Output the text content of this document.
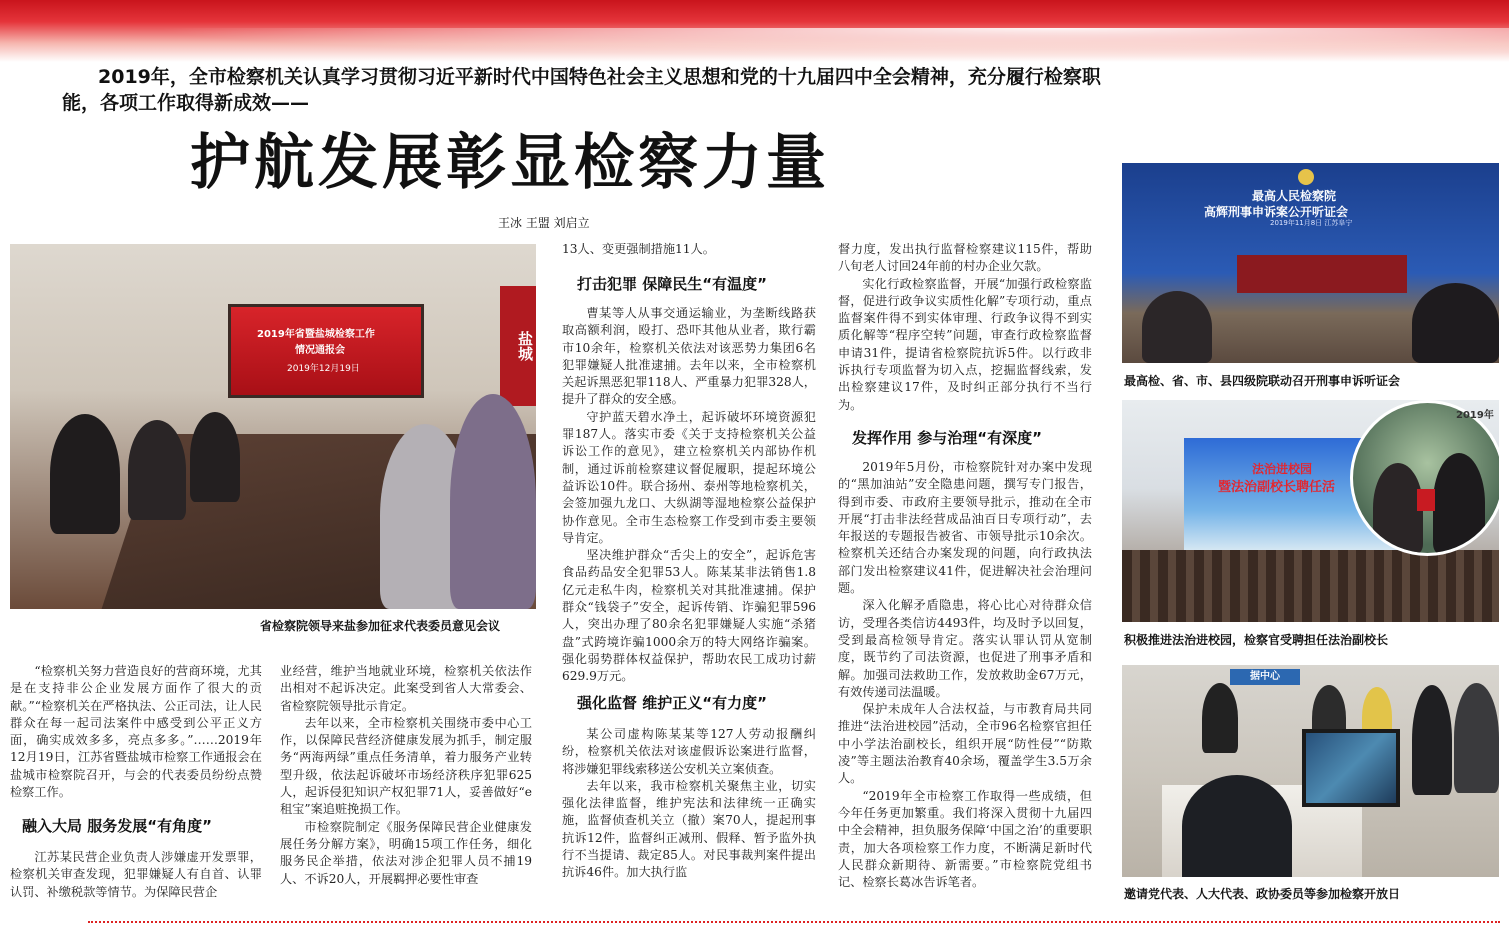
2019年，全市检察机关认真学习贯彻习近平新时代中国特色社会主义思想和党的十九届四中全会精神，充分履行检察职能，各项工作取得新成效——
护航发展彰显检察力量
王冰 王盟 刘启立
2019年省暨盐城检察工作
情况通报会
2019年12月19日
盐城
省检察院领导来盐参加征求代表委员意见会议
最高人民检察院
高辉刑事申诉案公开听证会
2019年11月8日 江苏阜宁
最高检、省、市、县四级院联动召开刑事申诉听证会
法治进校园
暨法治副校长聘任活
2019年
积极推进法治进校园，检察官受聘担任法治副校长
据中心
邀请党代表、人大代表、政协委员等参加检察开放日

“检察机关努力营造良好的营商环境，尤其是在支持非公企业发展方面作了很大的贡献。”“检察机关在严格执法、公正司法，让人民群众在每一起司法案件中感受到公平正义方面，确实成效多多，亮点多多。”……2019年12月19日，江苏省暨盐城市检察工作通报会在盐城市检察院召开，与会的代表委员纷纷点赞检察工作。

融入大局 服务发展“有角度”

江苏某民营企业负责人涉嫌虚开发票罪，检察机关审查发现，犯罪嫌疑人有自首、认罪认罚、补缴税款等情节。为保障民营企

业经营，维护当地就业环境，检察机关依法作出相对不起诉决定。此案受到省人大常委会、省检察院领导批示肯定。

去年以来，全市检察机关围绕市委中心工作，以保障民营经济健康发展为抓手，制定服务“两海两绿”重点任务清单，着力服务产业转型升级，依法起诉破坏市场经济秩序犯罪625人，起诉侵犯知识产权犯罪71人，妥善做好“e租宝”案追赃挽损工作。

市检察院制定《服务保障民营企业健康发展任务分解方案》，明确15项工作任务，细化服务民企举措，依法对涉企犯罪人员不捕19人、不诉20人，开展羁押必要性审查

13人、变更强制措施11人。

打击犯罪 保障民生“有温度”

曹某等人从事交通运输业，为垄断线路获取高额利润，殴打、恐吓其他从业者，欺行霸市10余年，检察机关依法对该恶势力集团6名犯罪嫌疑人批准逮捕。去年以来，全市检察机关起诉黑恶犯罪118人、严重暴力犯罪328人，提升了群众的安全感。

守护蓝天碧水净土，起诉破坏环境资源犯罪187人。落实市委《关于支持检察机关公益诉讼工作的意见》，建立检察机关内部协作机制，通过诉前检察建议督促履职，提起环境公益诉讼10件。联合扬州、泰州等地检察机关，会签加强九龙口、大纵湖等湿地检察公益保护协作意见。全市生态检察工作受到市委主要领导肯定。

坚决维护群众“舌尖上的安全”，起诉危害食品药品安全犯罪53人。陈某某非法销售1.8亿元走私牛肉，检察机关对其批准逮捕。保护群众“钱袋子”安全，起诉传销、诈骗犯罪596人，突出办理了80余名犯罪嫌疑人实施“杀猪盘”式跨境诈骗1000余万的特大网络诈骗案。强化弱势群体权益保护，帮助农民工成功讨薪629.9万元。

强化监督 维护正义“有力度”

某公司虚构陈某某等127人劳动报酬纠纷，检察机关依法对该虚假诉讼案进行监督，将涉嫌犯罪线索移送公安机关立案侦查。

去年以来，我市检察机关聚焦主业，切实强化法律监督，维护宪法和法律统一正确实施，监督侦查机关立（撤）案70人，提起刑事抗诉12件，监督纠正减刑、假释、暂予监外执行不当提请、裁定85人。对民事裁判案件提出抗诉46件。加大执行监

督力度，发出执行监督检察建议115件，帮助八旬老人讨回24年前的村办企业欠款。

实化行政检察监督，开展“加强行政检察监督，促进行政争议实质性化解”专项行动，重点监督案件得不到实体审理、行政争议得不到实质化解等“程序空转”问题，审查行政检察监督申请31件，提请省检察院抗诉5件。以行政非诉执行专项监督为切入点，挖掘监督线索，发出检察建议17件，及时纠正部分执行不当行为。

发挥作用 参与治理“有深度”

2019年5月份，市检察院针对办案中发现的“黑加油站”安全隐患问题，撰写专门报告，得到市委、市政府主要领导批示，推动在全市开展“打击非法经营成品油百日专项行动”，去年报送的专题报告被省、市领导批示10余次。检察机关还结合办案发现的问题，向行政执法部门发出检察建议41件，促进解决社会治理问题。

深入化解矛盾隐患，将心比心对待群众信访，受理各类信访4493件，均及时予以回复，受到最高检领导肯定。落实认罪认罚从宽制度，既节约了司法资源，也促进了刑事矛盾和解。加强司法救助工作，发放救助金67万元，有效传递司法温暖。

保护未成年人合法权益，与市教育局共同推进“法治进校园”活动，全市96名检察官担任中小学法治副校长，组织开展“防性侵”“防欺凌”等主题法治教育40余场，覆盖学生3.5万余人。

“2019年全市检察工作取得一些成绩，但今年任务更加繁重。我们将深入贯彻十九届四中全会精神，担负服务保障‘中国之治’的重要职责，加大各项检察工作力度，不断满足新时代人民群众新期待、新需要。”市检察院党组书记、检察长葛冰告诉笔者。
